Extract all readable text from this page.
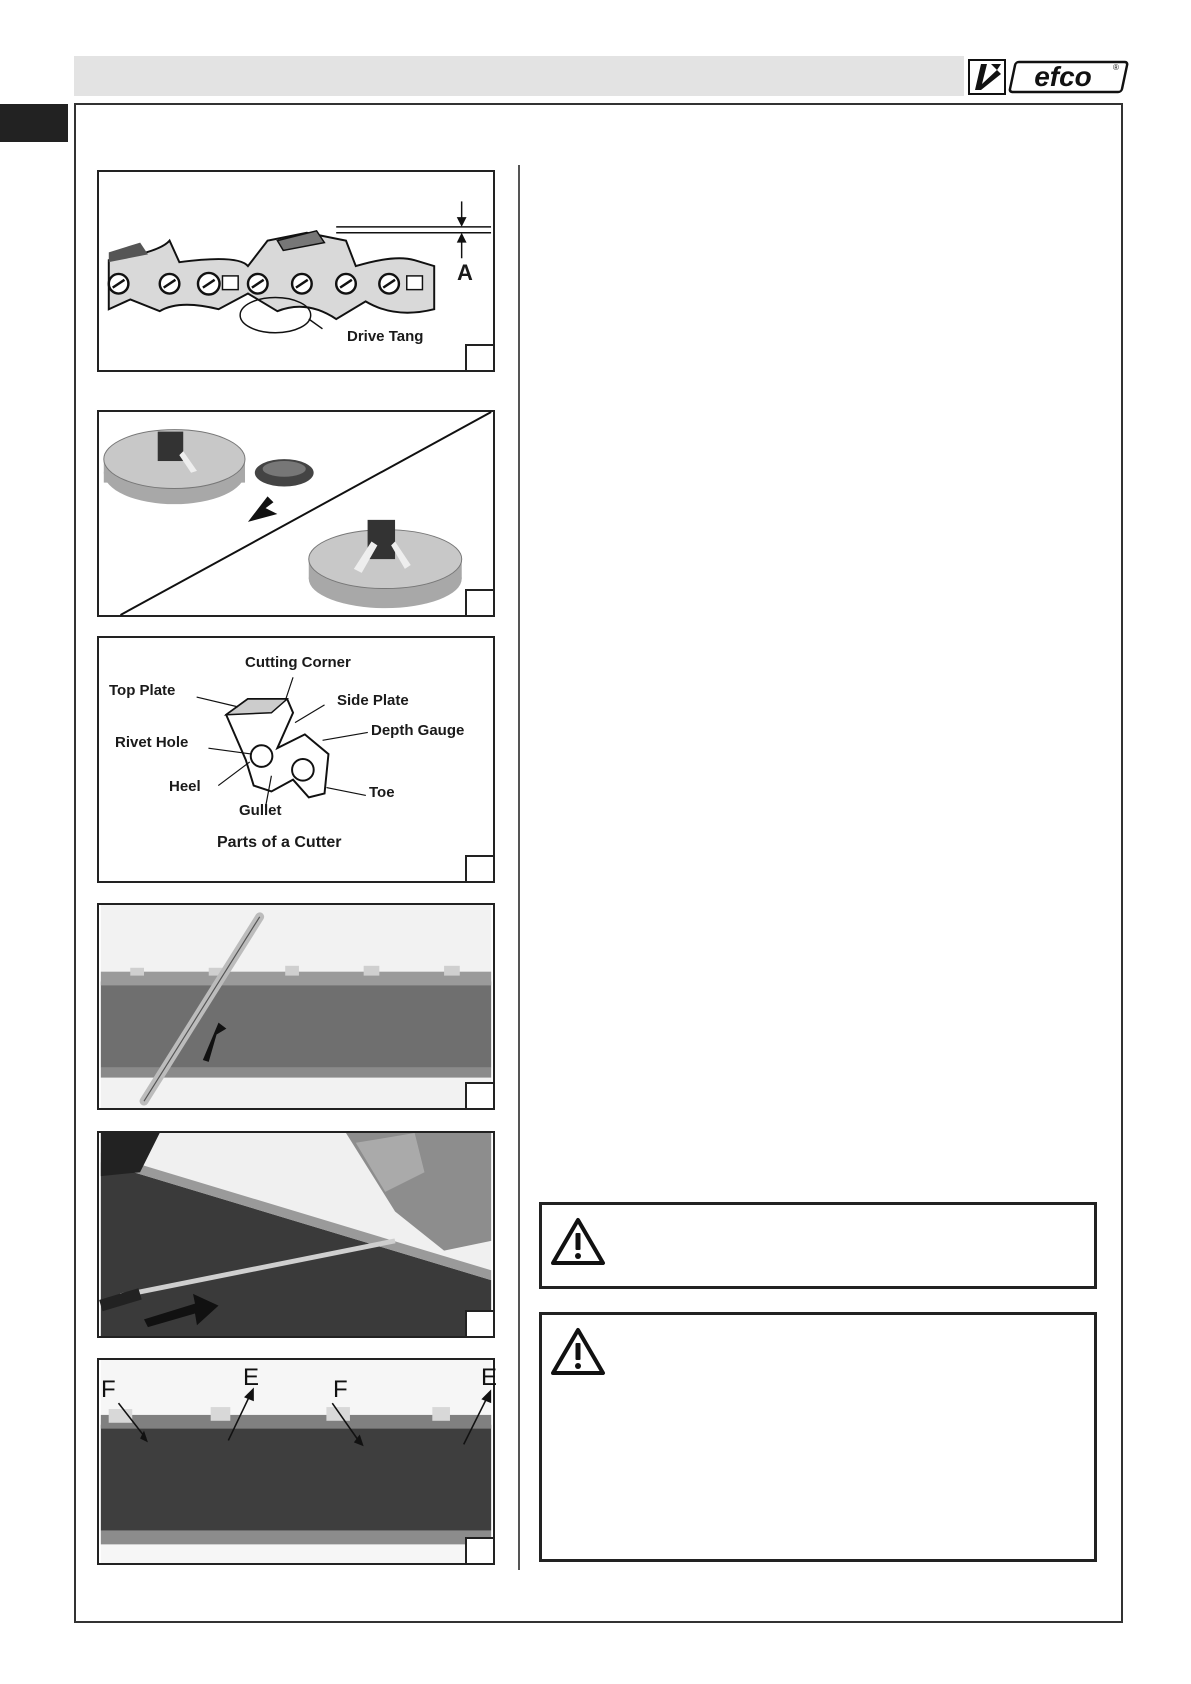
efco	®
A
Drive Tang
Cutting Corner
Top Plate
Side Plate
Depth Gauge
Rivet Hole
Heel	Toe
Gullet
Parts of a Cutter
F	E	F	E
